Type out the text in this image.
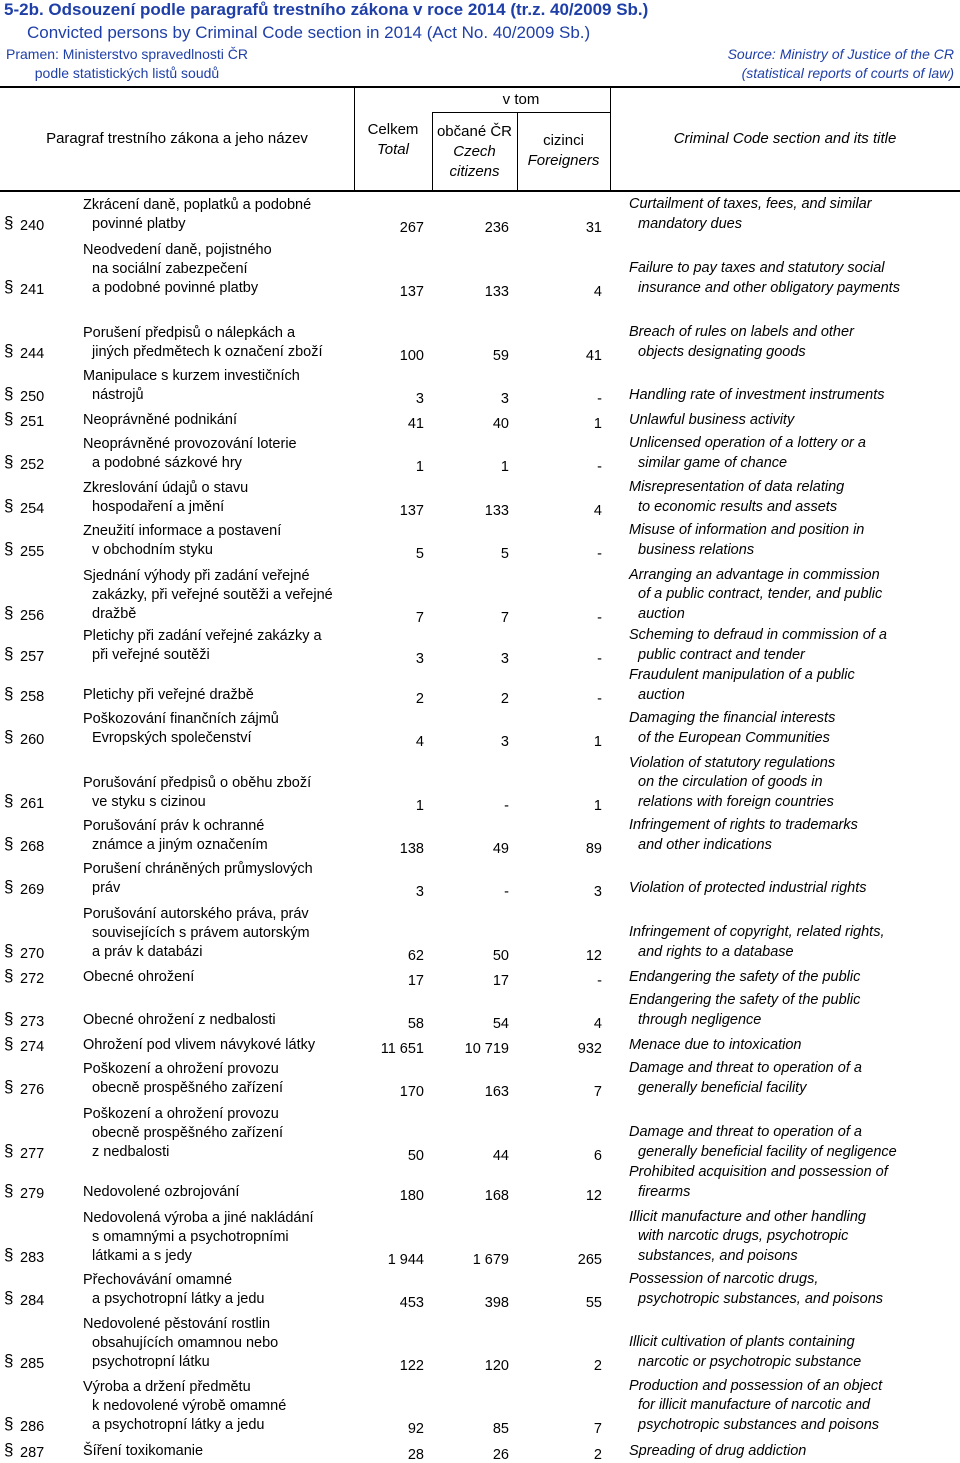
5-2b. Odsouzení podle paragrafů trestního zákona v roce 2014 (tr.z. 40/2009 Sb.)
Convicted persons by Criminal Code section in 2014 (Act No. 40/2009 Sb.)
Pramen: Ministerstvo spravedlnosti ČR
podle statistických listů soudů
Source: Ministry of Justice of the CR
(statistical reports of courts of law)
Paragraf trestního zákona a jeho název
Celkem
Total
v tom
občané ČR
Czech
citizens
cizinci
Foreigners
Criminal Code section and its title
§ 240
Zkrácení daně, poplatků a podobné
povinné platby	267	236	31
Curtailment of taxes, fees, and similar
mandatory dues
§ 241
Neodvedení daně, pojistného
na sociální zabezpečení
a podobné povinné platby	137	133	4
Failure to pay taxes and statutory social
insurance and other obligatory payments
§ 244
Porušení předpisů o nálepkách a
jiných předmětech k označení zboží	100	59	41
Breach of rules on labels and other
objects designating goods
§ 250
Manipulace s kurzem investičních
nástrojů	3	3	- Handling rate of investment instruments
§ 251	Neoprávněné podnikání	41	40	1 Unlawful business activity
§ 252
Neoprávněné provozování loterie
a podobné sázkové hry	1	1	-
Unlicensed operation of a lottery or a
similar game of chance
§ 254
Zkreslování údajů o stavu
hospodaření a jmění	137	133	4
Misrepresentation of data relating
to economic results and assets
§ 255
Zneužití informace a postavení
v obchodním styku	5	5	-
Misuse of information and position in
business relations
§ 256
Sjednání výhody při zadání veřejné
zakázky, při veřejné soutěži a veřejné
dražbě	7	7	-
Arranging an advantage in commission
of a public contract, tender, and public
auction
§ 257
Pletichy při zadání veřejné zakázky a
při veřejné soutěži	3	3	-
Scheming to defraud in commission of a
public contract and tender
§ 258	Pletichy při veřejné dražbě	2	2	-
Fraudulent manipulation of a public
auction
§ 260
Poškozování finančních zájmů
Evropských společenství	4	3	1
Damaging the financial interests
of the European Communities
§ 261
Porušování předpisů o oběhu zboží
ve styku s cizinou	1	-	1
Violation of statutory regulations
on the circulation of goods in
relations with foreign countries
§ 268
Porušování práv k ochranné
známce a jiným označením	138	49	89
Infringement of rights to trademarks
and other indications
§ 269
Porušení chráněných průmyslových
práv	3	-	3 Violation of protected industrial rights
§ 270
Porušování autorského práva, práv
souvisejících s právem autorským
a práv k databázi	62	50	12
Infringement of copyright, related rights,
and rights to a database
§ 272	Obecné ohrožení	17	17	- Endangering the safety of the public
§ 273	Obecné ohrožení z nedbalosti	58	54	4
Endangering the safety of the public
through negligence
§ 274	Ohrožení pod vlivem návykové látky	11 651	10 719	932 Menace due to intoxication
§ 276
Poškození a ohrožení provozu
obecně prospěšného zařízení	170	163	7
Damage and threat to operation of a
generally beneficial facility
§ 277
Poškození a ohrožení provozu
obecně prospěšného zařízení
z nedbalosti	50	44	6
Damage and threat to operation of a
generally beneficial facility of negligence
§ 279	Nedovolené ozbrojování	180	168	12
Prohibited acquisition and possession of
firearms
§ 283
Nedovolená výroba a jiné nakládání
s omamnými a psychotropními
látkami a s jedy	1 944	1 679	265
Illicit manufacture and other handling
with narcotic drugs, psychotropic
substances, and poisons
§ 284
Přechovávání omamné
a psychotropní látky a jedu	453	398	55
Possession of narcotic drugs,
psychotropic substances, and poisons
§ 285
Nedovolené pěstování rostlin
obsahujících omamnou nebo
psychotropní látku	122	120	2
Illicit cultivation of plants containing
narcotic or psychotropic substance
§ 286
Výroba a držení předmětu
k nedovolené výrobě omamné
a psychotropní látky a jedu	92	85	7
Production and possession of an object
for illicit manufacture of narcotic and
psychotropic substances and poisons
§ 287	Šíření toxikomanie	28	26	2 Spreading of drug addiction
